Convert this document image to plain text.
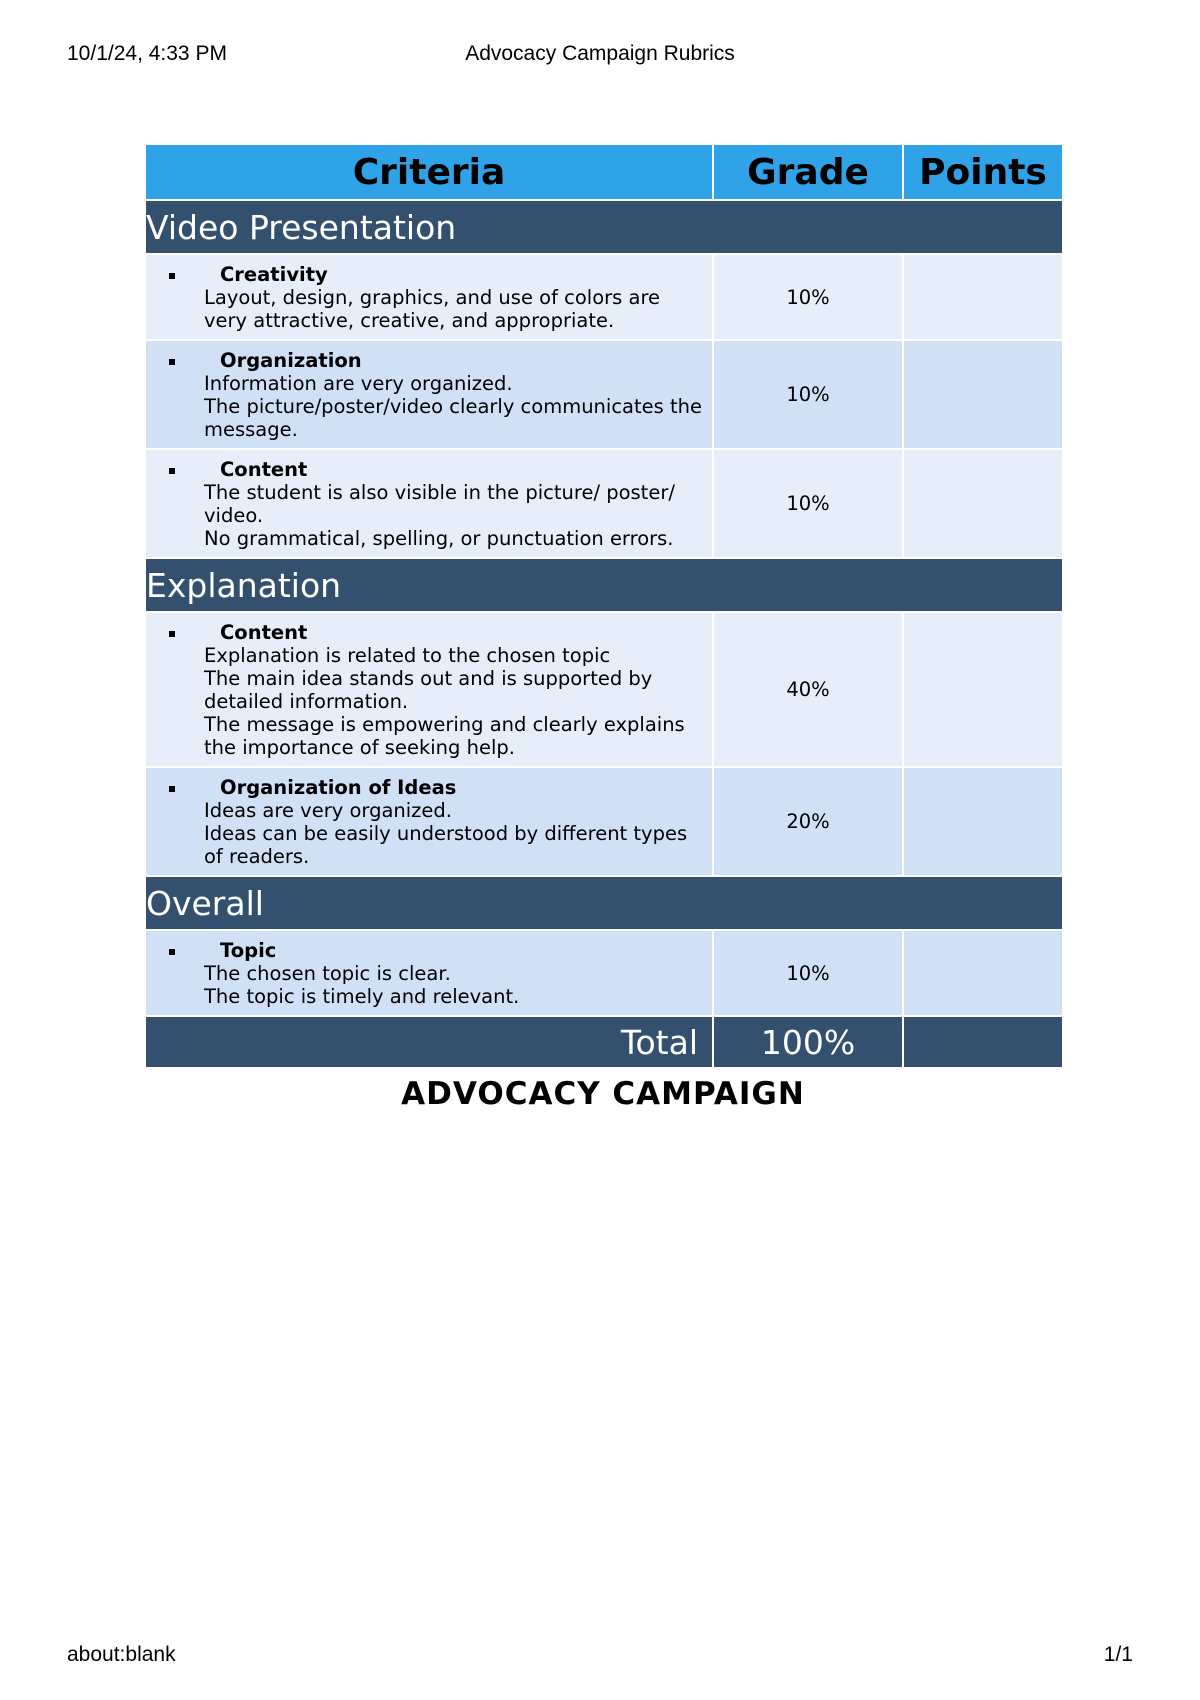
10/1/24, 4:33 PM	Advocacy Campaign Rubrics
Criteria	Grade	Points
Video Presentation		

Creativity
Layout, design, graphics, and use of colors are very attractive, creative, and appropriate.	10%	

Organization
Information are very organized.
The picture/poster/video clearly communicates the message.	10%	

Content
The student is also visible in the picture/ poster/ video.
No grammatical, spelling, or punctuation errors.	10%	
Explanation		

Content
Explanation is related to the chosen topic
The main idea stands out and is supported by detailed information.
The message is empowering and clearly explains the importance of seeking help.	40%	

Organization of Ideas
Ideas are very organized.
Ideas can be easily understood by different types of readers.	20%	
Overall		

Topic
The chosen topic is clear.
The topic is timely and relevant.	10%	
Total	100%	
ADVOCACY CAMPAIGN
about:blank	1/1
